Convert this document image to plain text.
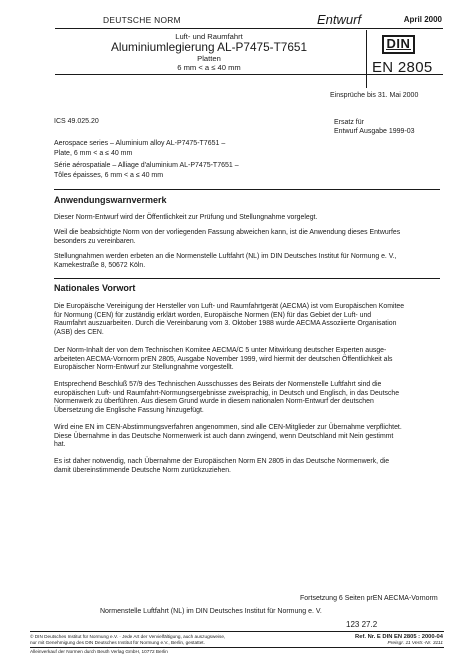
DEUTSCHE NORM	Entwurf	April 2000
Luft- und Raumfahrt
Aluminiumlegierung AL-P7475-T7651
Platten
6 mm < a ≤ 40 mm
DIN
EN 2805
Einsprüche bis 31. Mai 2000
ICS 49.025.20	Ersatz für
Entwurf Ausgabe 1999-03
Aerospace series – Aluminium alloy AL-P7475-T7651 –
Plate, 6 mm < a ≤ 40 mm
Série aérospatiale – Alliage d'aluminium AL-P7475-T7651 –
Tôles épaisses, 6 mm < a ≤ 40 mm
Anwendungswarnvermerk
Dieser Norm-Entwurf wird der Öffentlichkeit zur Prüfung und Stellungnahme vorgelegt.
Weil die beabsichtigte Norm von der vorliegenden Fassung abweichen kann, ist die Anwendung dieses Entwurfes
besonders zu vereinbaren.
Stellungnahmen werden erbeten an die Normenstelle Luftfahrt (NL) im DIN Deutsches Institut für Normung e. V.,
Kamekestraße 8, 50672 Köln.
Nationales Vorwort
Die Europäische Vereinigung der Hersteller von Luft- und Raumfahrtgerät (AECMA) ist vom Europäischen Komitee
für Normung (CEN) für zuständig erklärt worden, Europäische Normen (EN) für das Gebiet der Luft- und
Raumfahrt auszuarbeiten. Durch die Vereinbarung vom 3. Oktober 1988 wurde AECMA Assoziierte Organisation
(ASB) des CEN.
Der Norm-Inhalt der von dem Technischen Komitee AECMA/C 5 unter Mitwirkung deutscher Experten ausge-
arbeiteten AECMA-Vornorm prEN 2805, Ausgabe November 1999, wird hiermit der deutschen Öffentlichkeit als
Europäischer Norm-Entwurf zur Stellungnahme vorgestellt.
Entsprechend Beschluß 57/9 des Technischen Ausschusses des Beirats der Normenstelle Luftfahrt sind die
europäischen Luft- und Raumfahrt-Normungsergebnisse zweisprachig, in Deutsch und Englisch, in das Deutsche
Normenwerk zu überführen. Aus diesem Grund wurde in diesem nationalen Norm-Entwurf der deutschen
Übersetzung die Englische Fassung hinzugefügt.
Wird eine EN im CEN-Abstimmungsverfahren angenommen, sind alle CEN-Mitglieder zur Übernahme verpflichtet.
Diese Übernahme in das Deutsche Normenwerk ist auch dann zwingend, wenn Deutschland mit Nein gestimmt
hat.
Es ist daher notwendig, nach Übernahme der Europäischen Norm EN 2805 in das Deutsche Normenwerk, die
damit übereinstimmende Deutsche Norm zurückzuziehen.
Fortsetzung 6 Seiten prEN AECMA-Vornorm
Normenstelle Luftfahrt (NL) im DIN Deutsches Institut für Normung e. V.
123 27.2
© DIN Deutsches Institut für Normung e.V. · Jede Art der Vervielfältigung, auch auszugsweise,
nur mit Genehmigung des DIN Deutsches Institut für Normung e.V., Berlin, gestattet.
Ref. Nr. E DIN EN 2805 : 2000-04
Preisgr. 11 Vertr.-Nr. 3111
Alleinverkauf der Normen durch Beuth Verlag GmbH, 10772 Berlin
